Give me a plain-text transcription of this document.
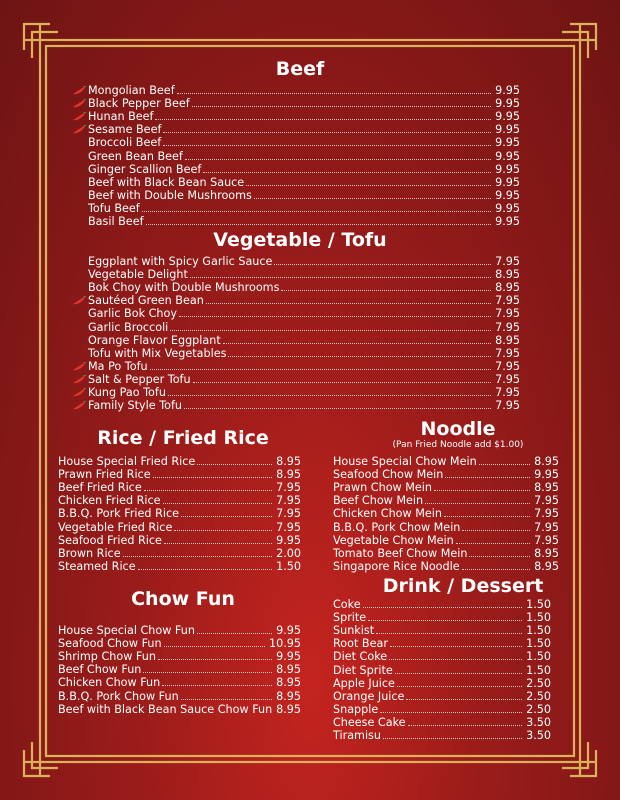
Beef
Vegetable / Tofu
Rice / Fried Rice
Chow Fun
Noodle
(Pan Fried Noodle add $1.00)
Drink / Dessert
Mongolian Beef	9.95
Black Pepper Beef	9.95
Hunan Beef	9.95
Sesame Beef	9.95
Broccoli Beef	9.95
Green Bean Beef	9.95
Ginger Scallion Beef	9.95
Beef with Black Bean Sauce	9.95
Beef with Double Mushrooms	9.95
Tofu Beef	9.95
Basil Beef	9.95
Eggplant with Spicy Garlic Sauce	7.95
Vegetable Delight	8.95
Bok Choy with Double Mushrooms	8.95
Sautéed Green Bean	7.95
Garlic Bok Choy	7.95
Garlic Broccoli	7.95
Orange Flavor Eggplant	8.95
Tofu with Mix Vegetables	7.95
Ma Po Tofu	7.95
Salt & Pepper Tofu	7.95
Kung Pao Tofu	7.95
Family Style Tofu	7.95
House Special Fried Rice	8.95
Prawn Fried Rice	8.95
Beef Fried Rice	7.95
Chicken Fried Rice	7.95
B.B.Q. Pork Fried Rice	7.95
Vegetable Fried Rice	7.95
Seafood Fried Rice	9.95
Brown Rice	2.00
Steamed Rice	1.50
House Special Chow Fun	9.95
Seafood Chow Fun	10.95
Shrimp Chow Fun	9.95
Beef Chow Fun	8.95
Chicken Chow Fun	8.95
B.B.Q. Pork Chow Fun	8.95
Beef with Black Bean Sauce Chow Fun 8.95
House Special Chow Mein	8.95
Seafood Chow Mein	9.95
Prawn Chow Mein	8.95
Beef Chow Mein	7.95
Chicken Chow Mein	7.95
B.B.Q. Pork Chow Mein	7.95
Vegetable Chow Mein	7.95
Tomato Beef Chow Mein	8.95
Singapore Rice Noodle	8.95
Coke	1.50
Sprite	1.50
Sunkist	1.50
Root Bear	1.50
Diet Coke	1.50
Diet Sprite	1.50
Apple Juice	2.50
Orange Juice	2.50
Snapple	2.50
Cheese Cake	3.50
Tiramisu	3.50
